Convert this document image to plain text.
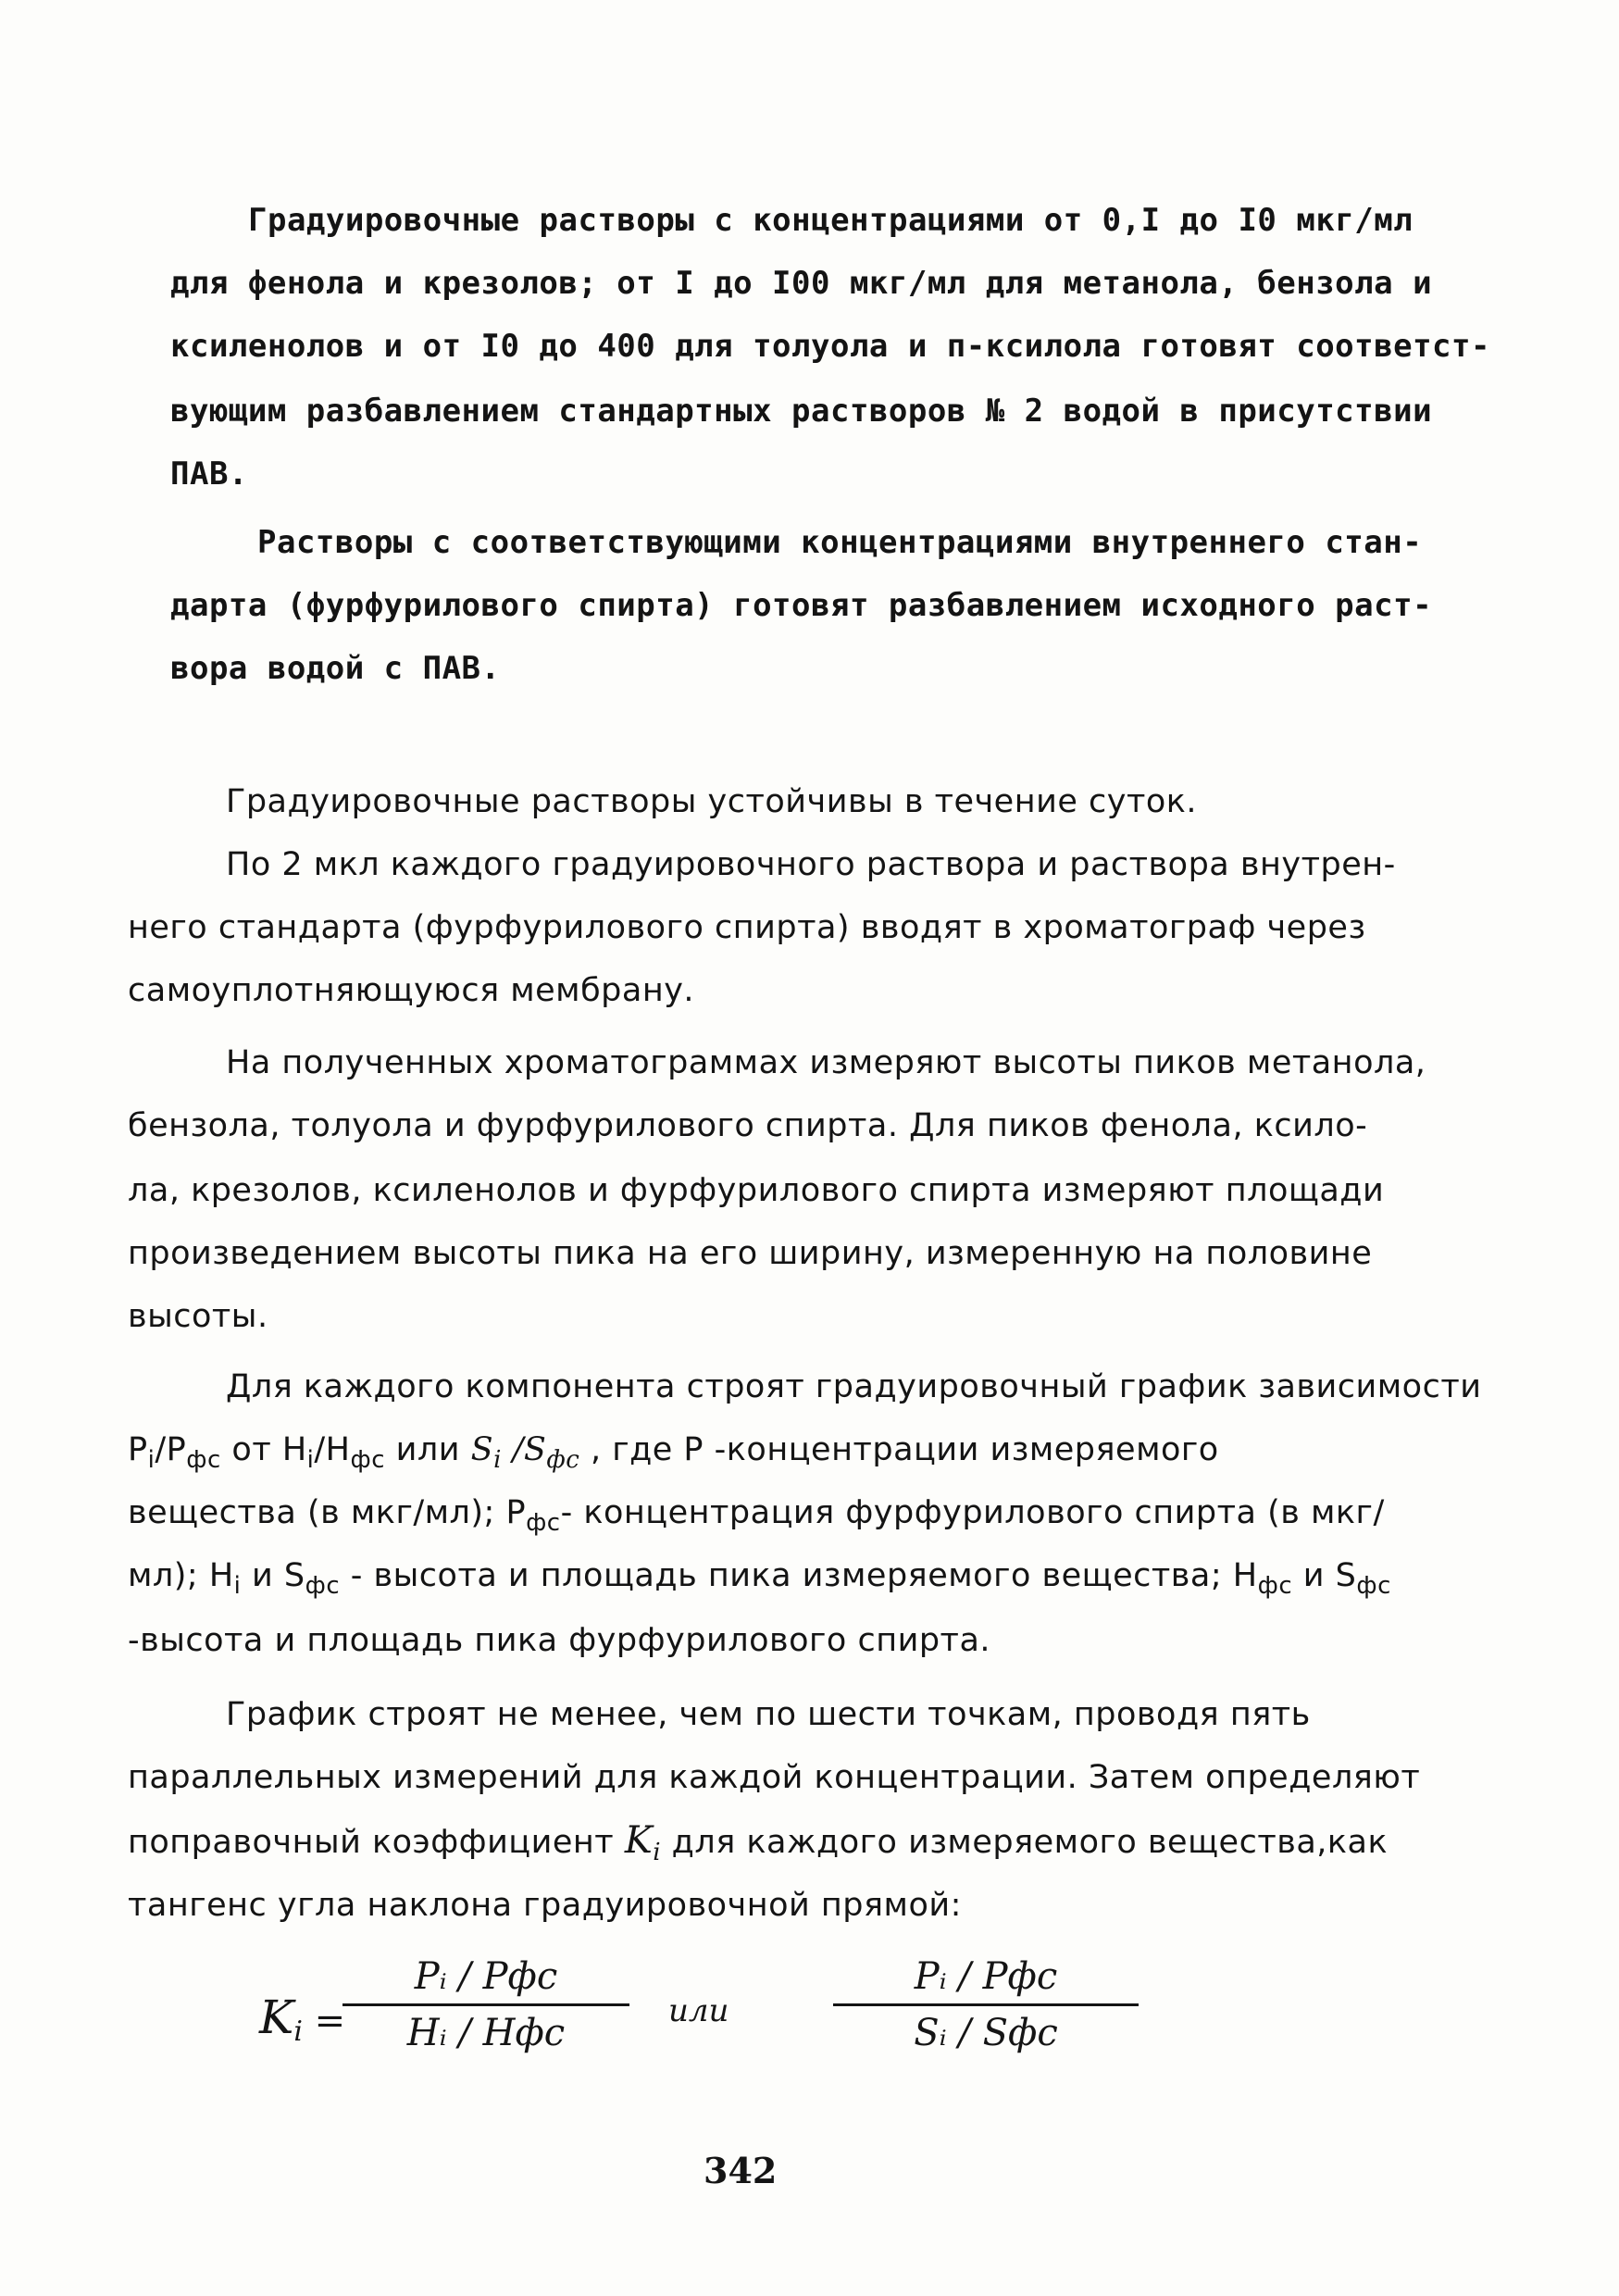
Градуировочные растворы с концентрациями от 0,I до I0 мкг/мл
для фенола и крезолов; от I до I00 мкг/мл для метанола, бензола и
ксиленолов и от I0 до 400 для толуола и п-ксилола готовят соответст-
вующим разбавлением стандартных растворов № 2 водой в присутствии
ПАВ.
Растворы с соответствующими концентрациями внутреннего стан-
дарта (фурфурилового спирта) готовят разбавлением исходного раст-
вора водой с ПАВ.
Градуировочные растворы устойчивы в течение суток.
По 2 мкл каждого градуировочного раствора и раствора внутрен-
него стандарта (фурфурилового спирта) вводят в хроматограф через
самоуплотняющуюся мембрану.
На полученных хроматограммах измеряют высоты пиков метанола,
бензола, толуола и фурфурилового спирта. Для пиков фенола, ксило-
ла, крезолов, ксиленолов и фурфурилового спирта измеряют площади
произведением высоты пика на его ширину, измеренную на половине
высоты.
Для каждого компонента строят градуировочный график зависимости
$P_i/P_{фс}$ от $H_i/H_{фс}$ или $S_i$ $/S_{фс}$ , где P -концентрации измеряемого
вещества (в мкг/мл); $P_{фс}-$ концентрация фурфурилового спирта (в мкг/
мл); $H_i$ и $S_{фс}$ - высота и площадь пика измеряемого вещества; $H_{фс}$ и $S_{фс}$
-высота и площадь пика фурфурилового спирта.
График строят не менее, чем по шести точкам, проводя пять
параллельных измерений для каждой концентрации. Затем определяют
поправочный коэффициент $K_i$ для каждого измеряемого вещества,как
тангенс угла наклона градуировочной прямой:
$K_i$ =
Pᵢ / Pфс
Hᵢ / Hфс
или
Pᵢ / Pфс
Sᵢ / Sфс
342
